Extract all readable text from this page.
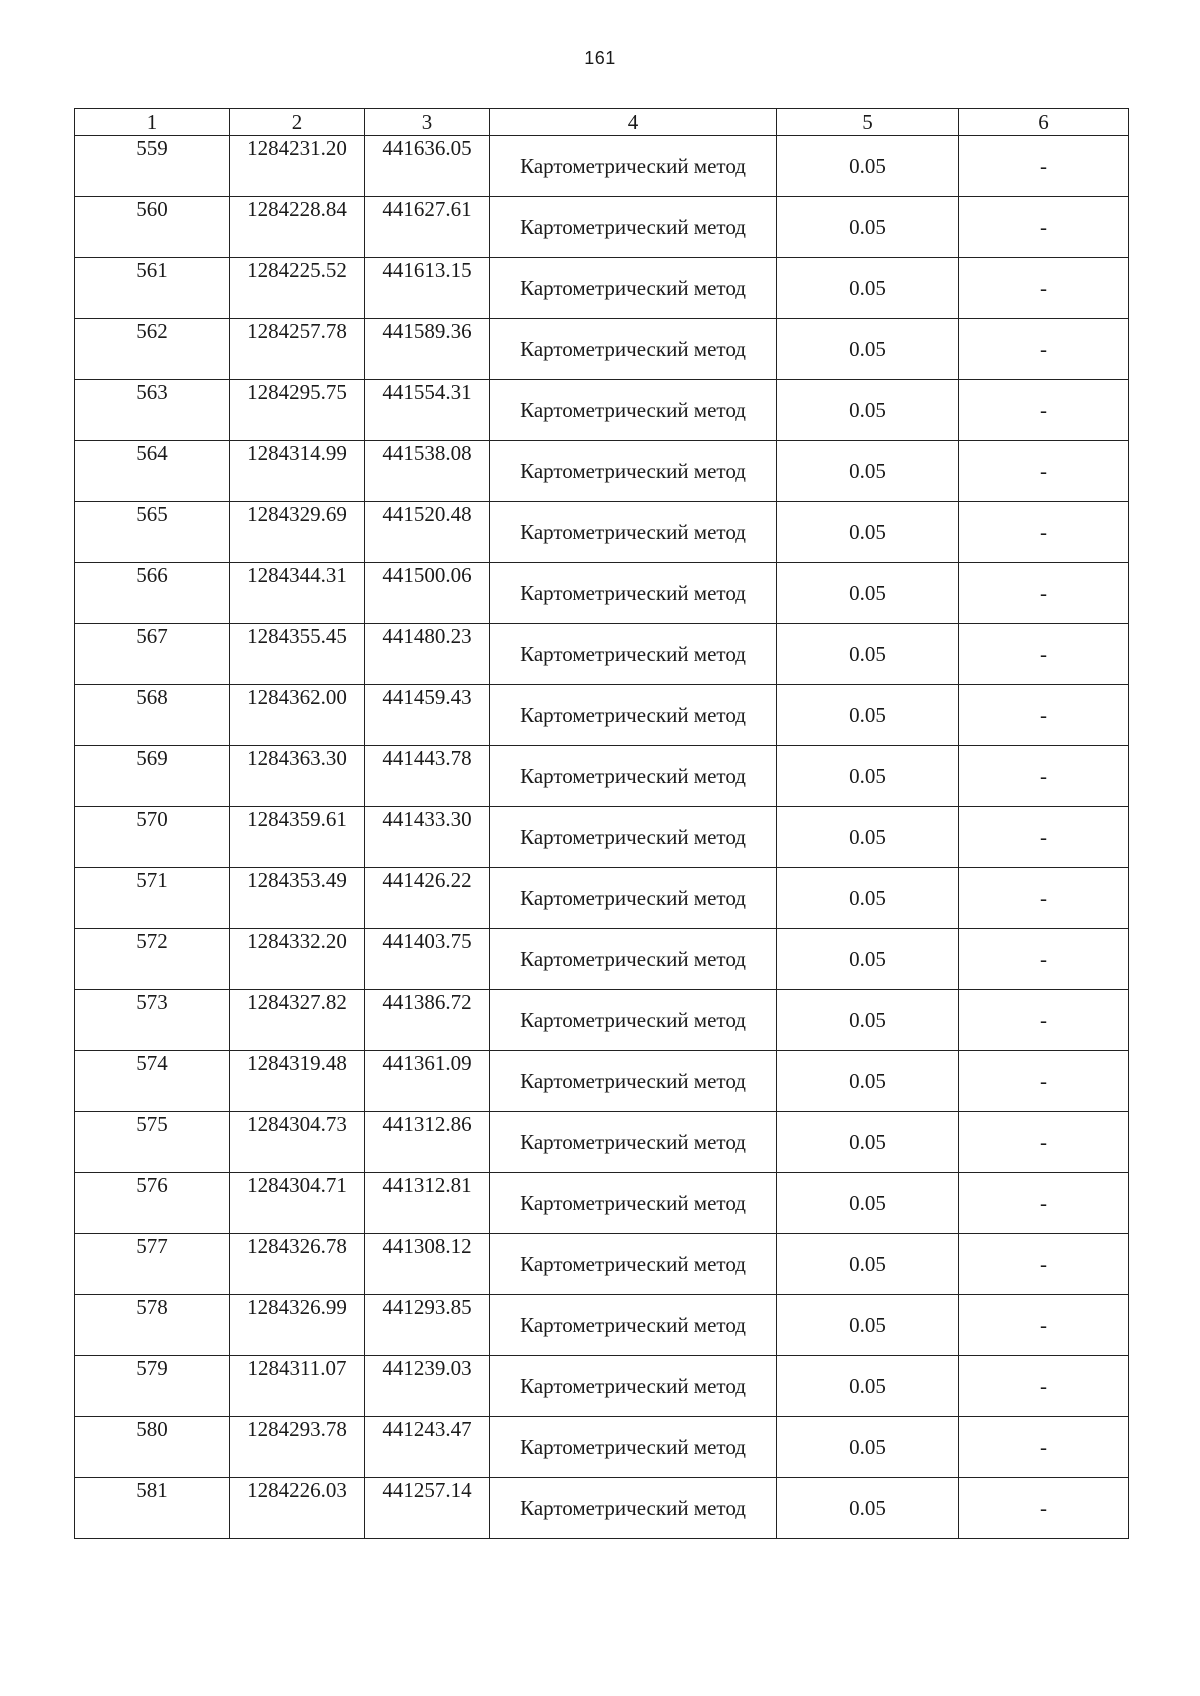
161
1	2	3	4	5	6
559	1284231.20	441636.05	Картометрический метод	0.05	-
560	1284228.84	441627.61	Картометрический метод	0.05	-
561	1284225.52	441613.15	Картометрический метод	0.05	-
562	1284257.78	441589.36	Картометрический метод	0.05	-
563	1284295.75	441554.31	Картометрический метод	0.05	-
564	1284314.99	441538.08	Картометрический метод	0.05	-
565	1284329.69	441520.48	Картометрический метод	0.05	-
566	1284344.31	441500.06	Картометрический метод	0.05	-
567	1284355.45	441480.23	Картометрический метод	0.05	-
568	1284362.00	441459.43	Картометрический метод	0.05	-
569	1284363.30	441443.78	Картометрический метод	0.05	-
570	1284359.61	441433.30	Картометрический метод	0.05	-
571	1284353.49	441426.22	Картометрический метод	0.05	-
572	1284332.20	441403.75	Картометрический метод	0.05	-
573	1284327.82	441386.72	Картометрический метод	0.05	-
574	1284319.48	441361.09	Картометрический метод	0.05	-
575	1284304.73	441312.86	Картометрический метод	0.05	-
576	1284304.71	441312.81	Картометрический метод	0.05	-
577	1284326.78	441308.12	Картометрический метод	0.05	-
578	1284326.99	441293.85	Картометрический метод	0.05	-
579	1284311.07	441239.03	Картометрический метод	0.05	-
580	1284293.78	441243.47	Картометрический метод	0.05	-
581	1284226.03	441257.14	Картометрический метод	0.05	-
